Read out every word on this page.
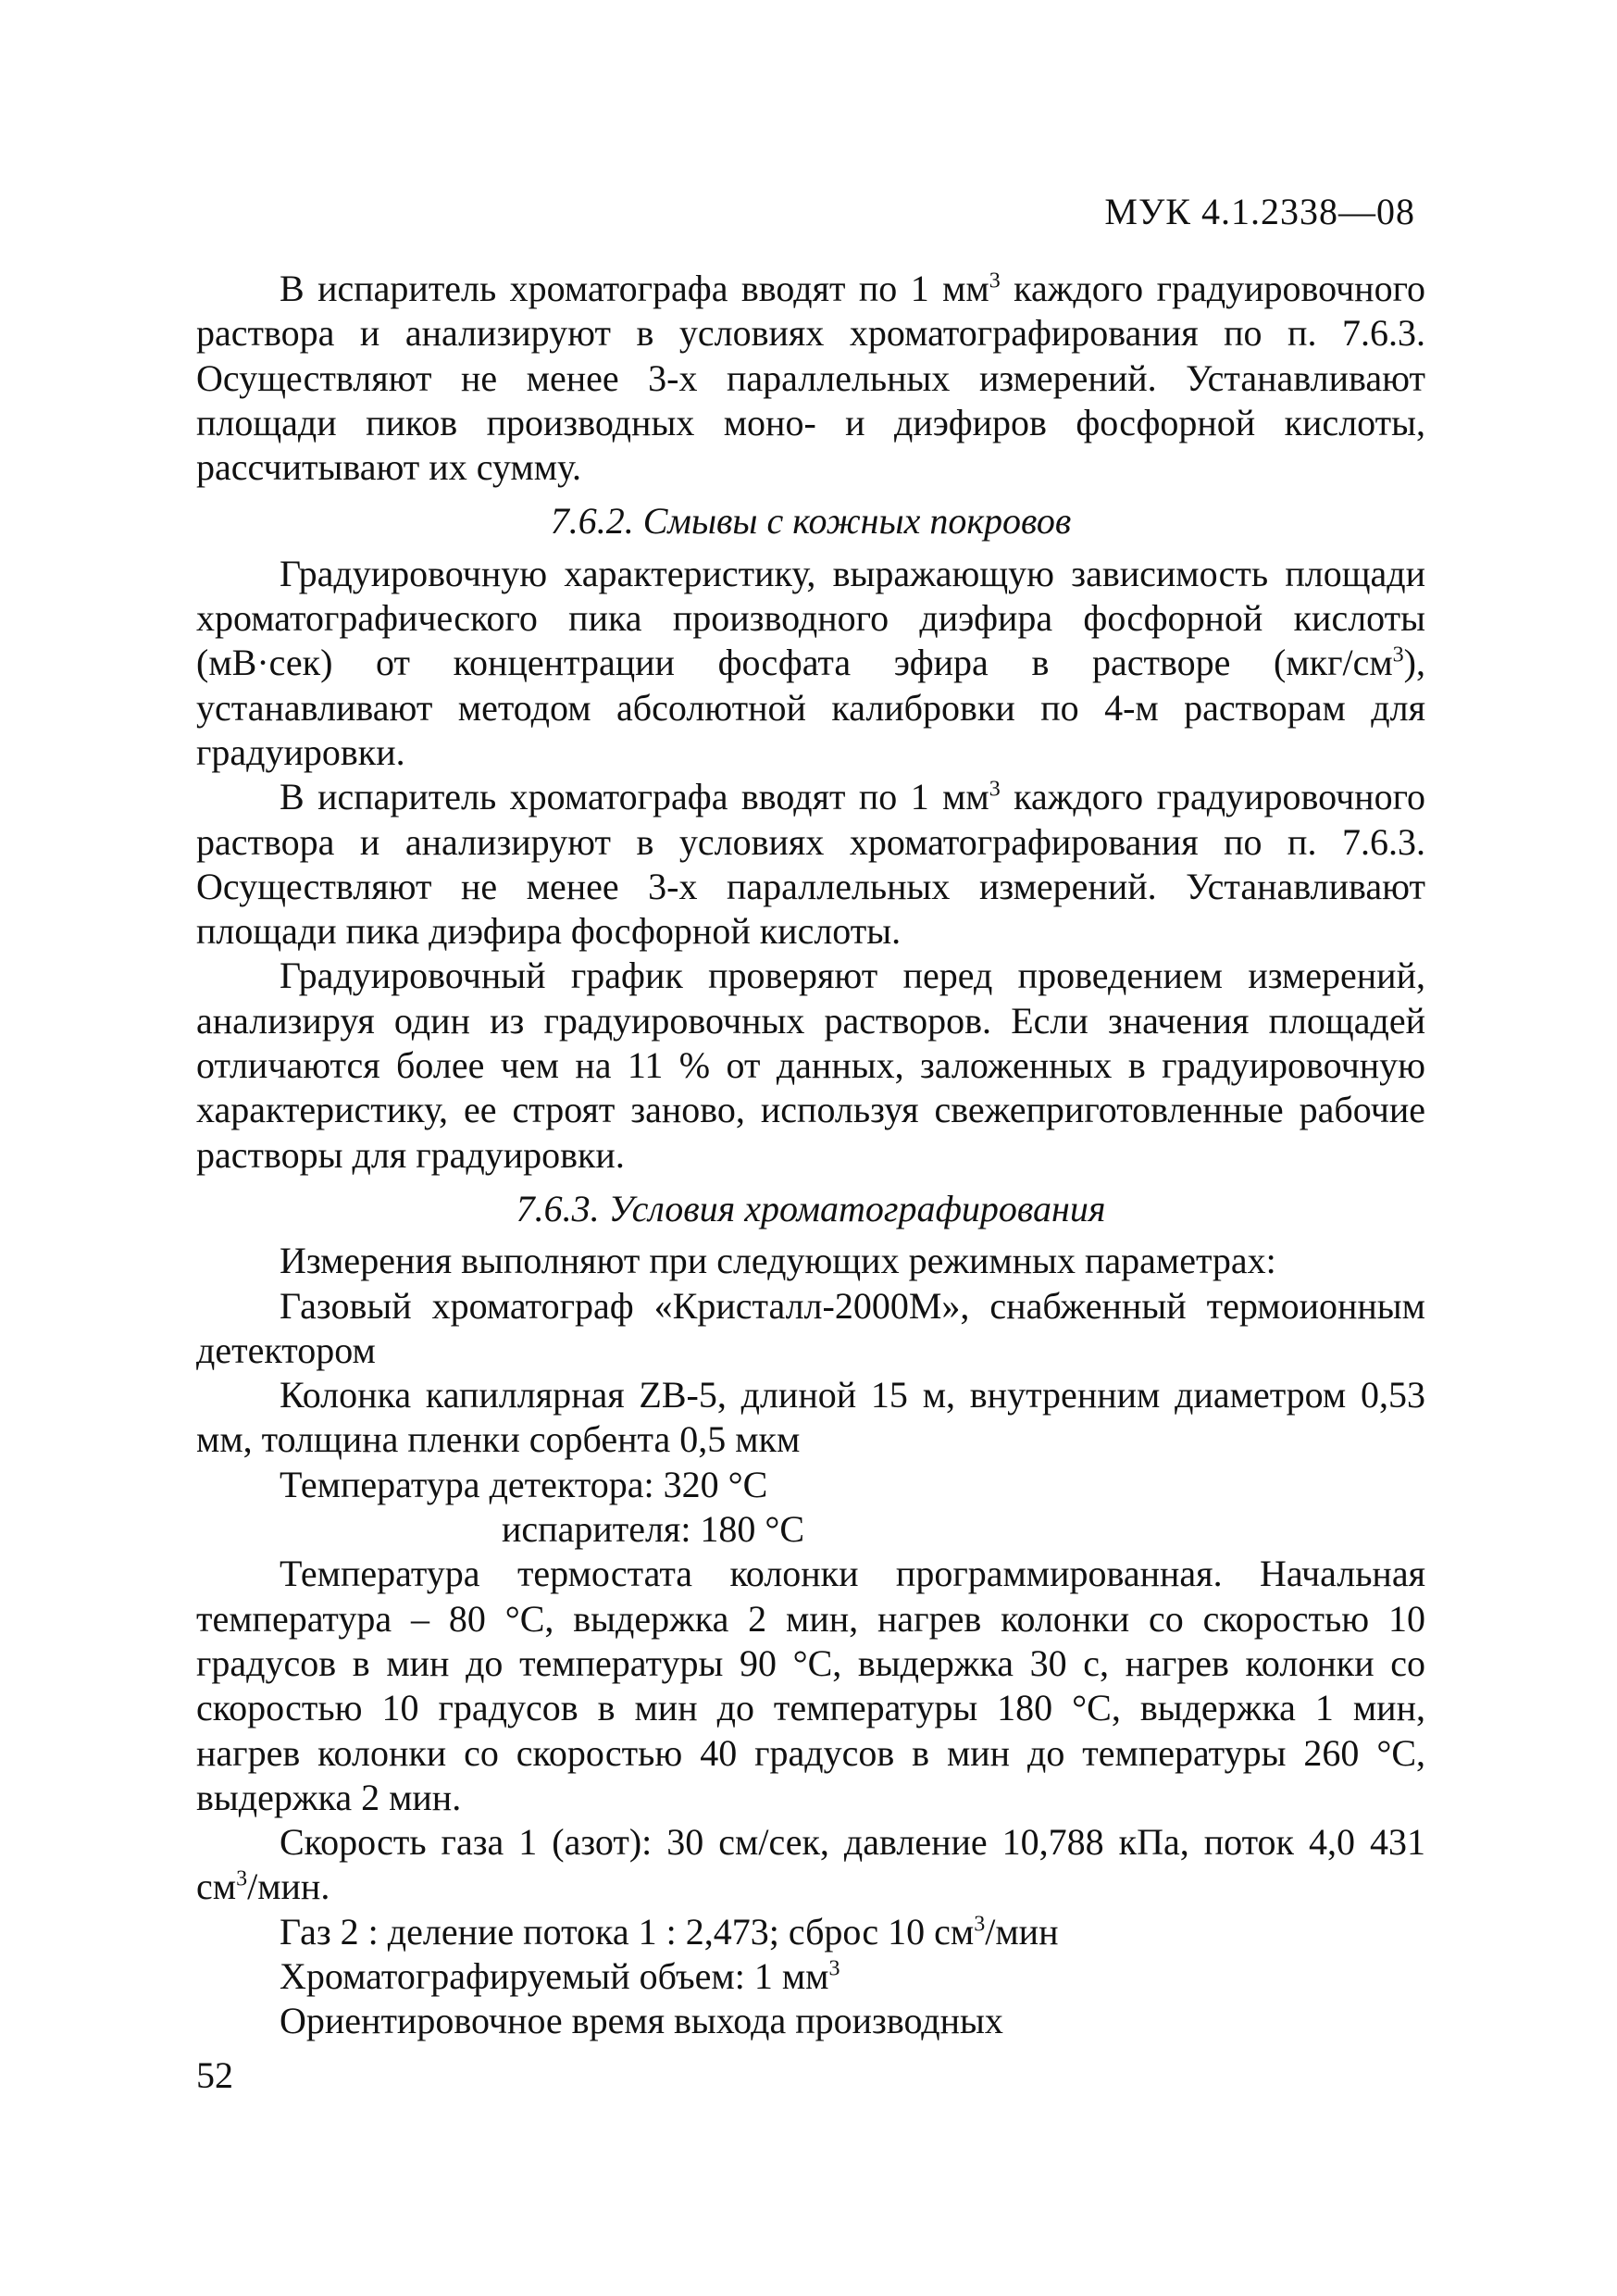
МУК 4.1.2338—08

В испаритель хроматографа вводят по 1 $мм^3$ каждого градуировочного раствора и анализируют в условиях хроматографирования по п. 7.6.3. Осуществляют не менее 3-х параллельных измерений. Устанавливают площади пиков производных моно- и диэфиров фосфорной кислоты, рассчитывают их сумму.

7.6.2. Смывы с кожных покровов

Градуировочную характеристику, выражающую зависимость площади хроматографического пика производного диэфира фосфорной кислоты (мВ·сек) от концентрации фосфата эфира в растворе $(мкг/см^3)$, устанавливают методом абсолютной калибровки по 4-м растворам для градуировки.

В испаритель хроматографа вводят по 1 $мм^3$ каждого градуировочного раствора и анализируют в условиях хроматографирования по п. 7.6.3. Осуществляют не менее 3-х параллельных измерений. Устанавливают площади пика диэфира фосфорной кислоты.

Градуировочный график проверяют перед проведением измерений, анализируя один из градуировочных растворов. Если значения площадей отличаются более чем на 11 % от данных, заложенных в градуировочную характеристику, ее строят заново, используя свежеприготовленные рабочие растворы для градуировки.

7.6.3. Условия хроматографирования

Измерения выполняют при следующих режимных параметрах:

Газовый хроматограф «Кристалл-2000М», снабженный термоионным детектором

Колонка капиллярная ZB-5, длиной 15 м, внутренним диаметром 0,53 мм, толщина пленки сорбента 0,5 мкм

Температура детектора: 320 °С

испарителя: 180 °С

Температура термостата колонки программированная. Начальная температура – 80 °С, выдержка 2 мин, нагрев колонки со скоростью 10 градусов в мин до температуры 90 °С, выдержка 30 с, нагрев колонки со скоростью 10 градусов в мин до температуры 180 °С, выдержка 1 мин, нагрев колонки со скоростью 40 градусов в мин до температуры 260 °С, выдержка 2 мин.

Скорость газа 1 (азот): 30 см/сек, давление 10,788 кПа, поток 4,0 431 $см^3$/мин.

Газ 2 : деление потока 1 : 2,473; сброс 10 $см^3$/мин

Хроматографируемый объем: 1 $мм^3$

Ориентировочное время выхода производных

52
